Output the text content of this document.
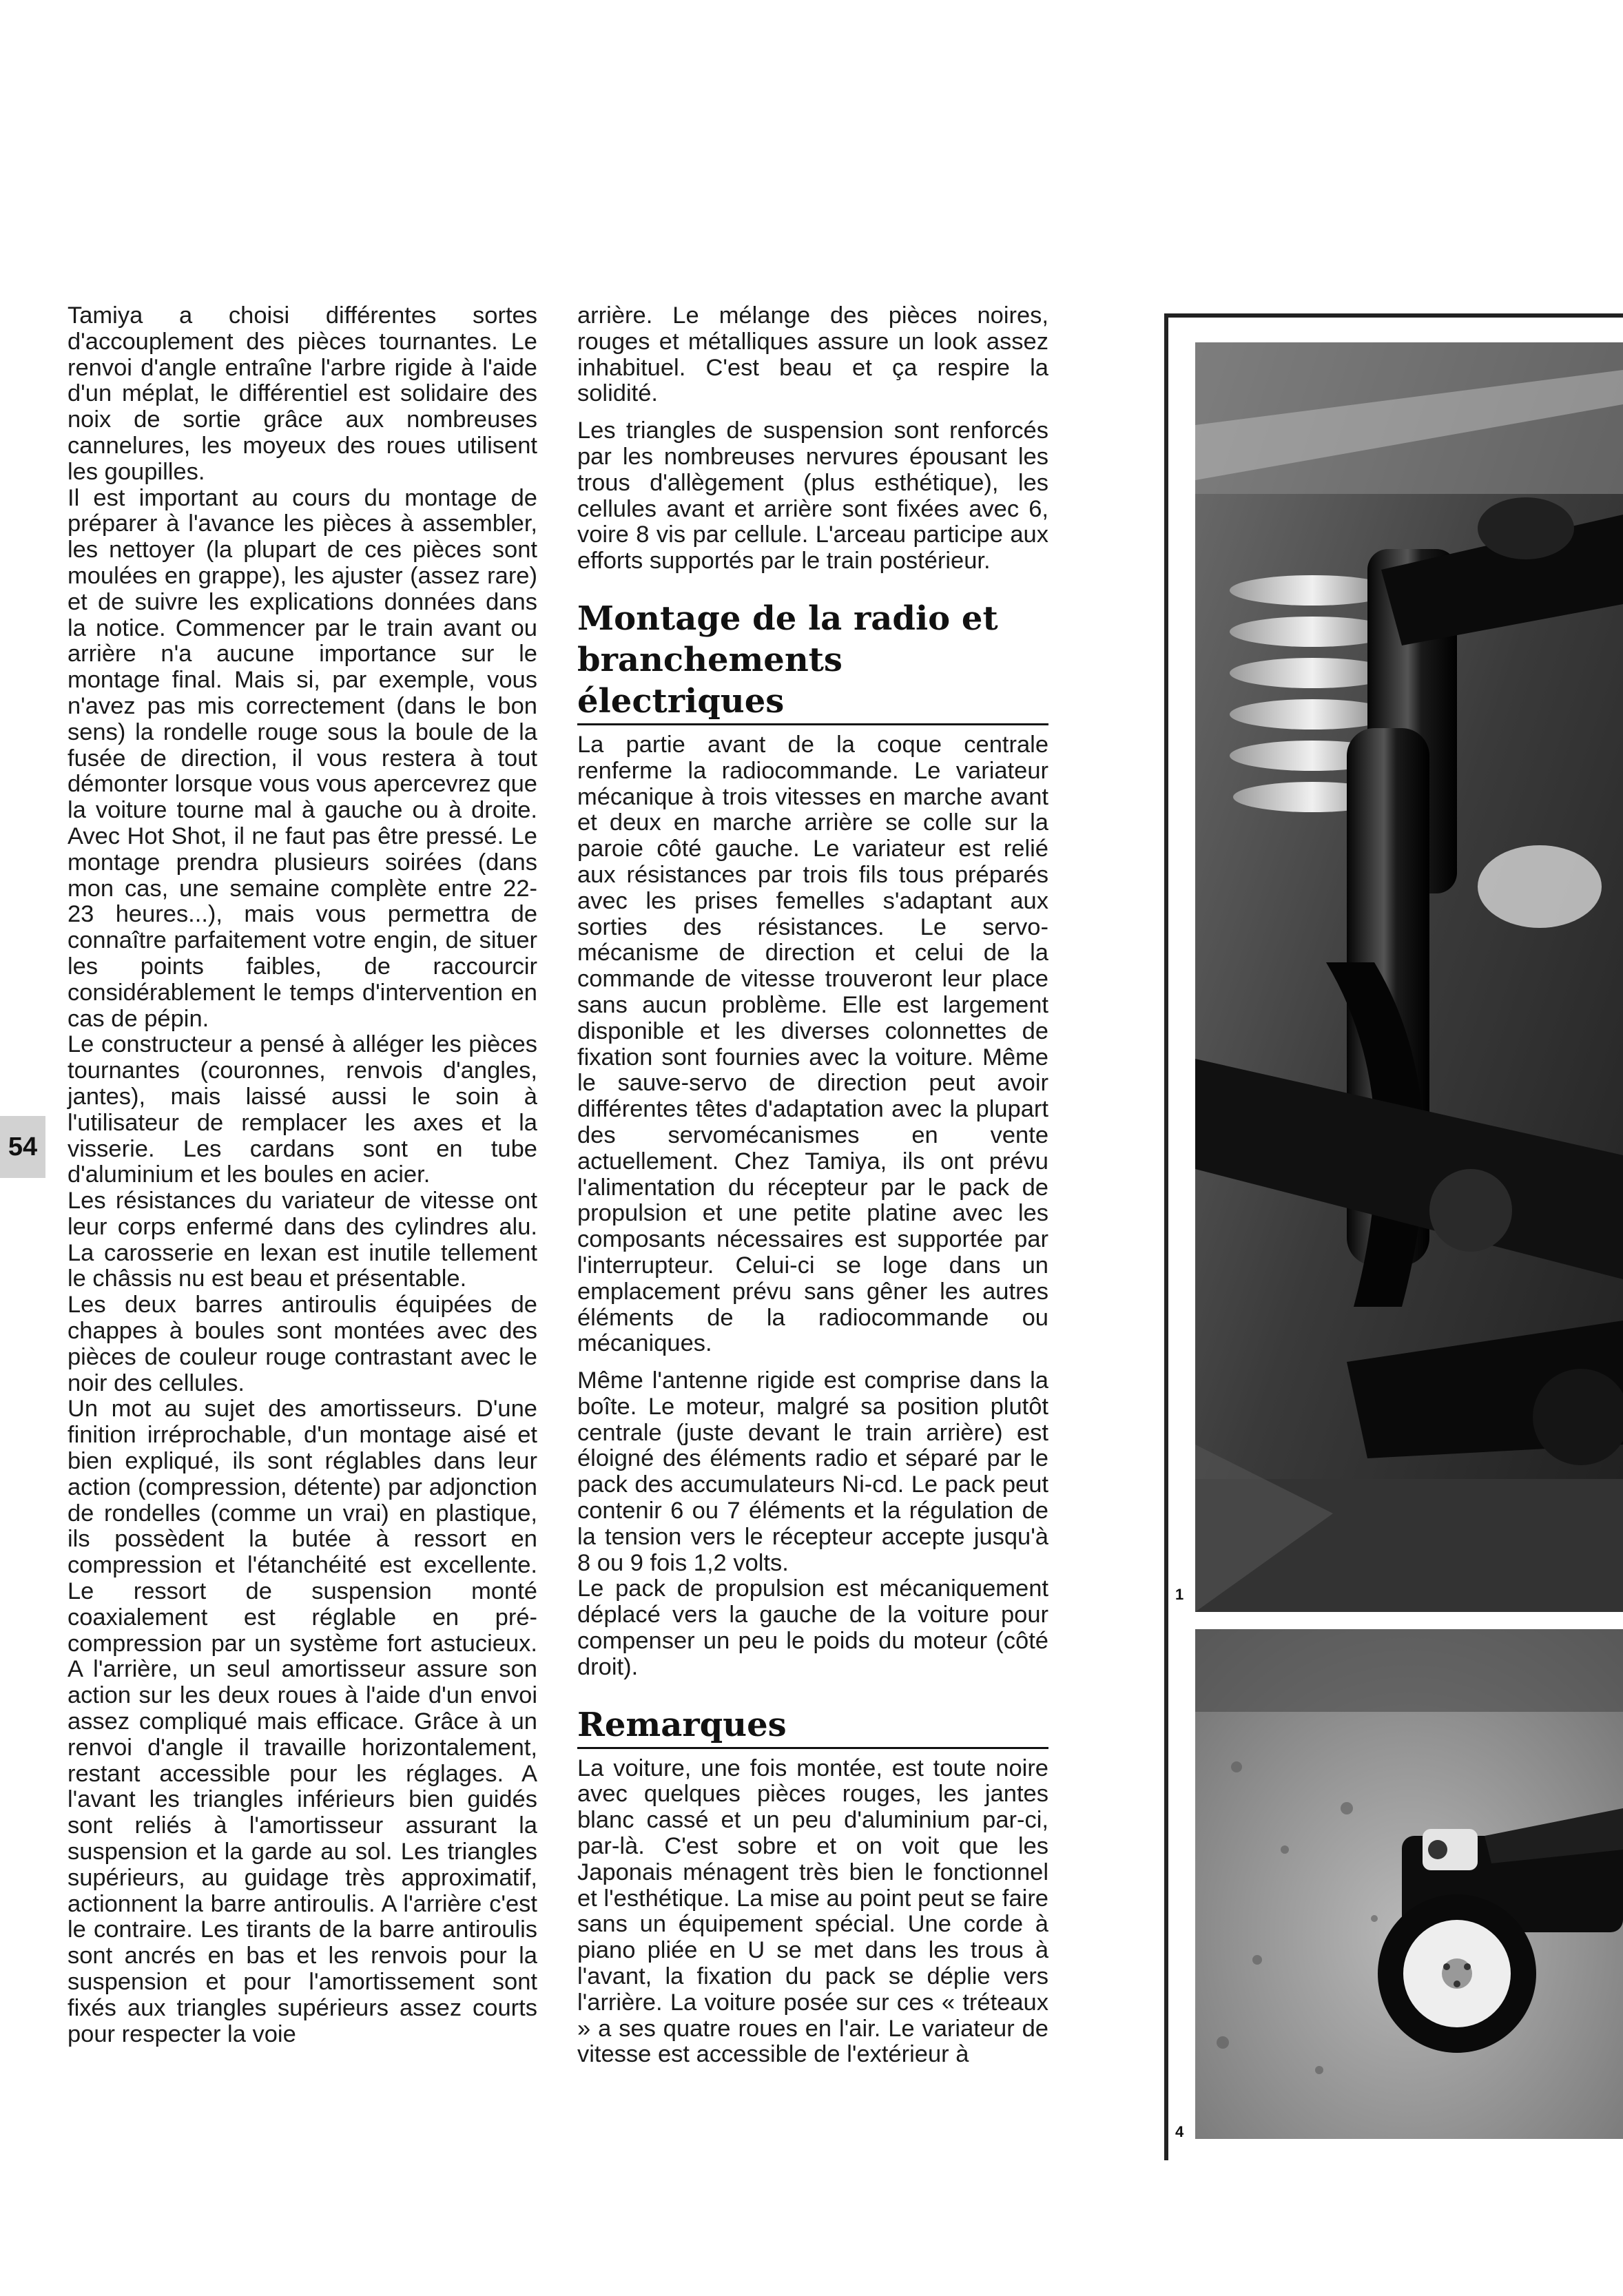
54

Tamiya a choisi différentes sortes d'accouplement des pièces tournantes. Le renvoi d'angle entraîne l'arbre rigide à l'aide d'un méplat, le différentiel est solidaire des noix de sortie grâce aux nombreuses cannelures, les moyeux des roues utilisent les goupilles.

Il est important au cours du montage de préparer à l'avance les pièces à assembler, les nettoyer (la plupart de ces pièces sont moulées en grappe), les ajuster (assez rare) et de suivre les explications données dans la notice. Commencer par le train avant ou arrière n'a aucune importance sur le montage final. Mais si, par exemple, vous n'avez pas mis correctement (dans le bon sens) la rondelle rouge sous la boule de la fusée de direction, il vous restera à tout démonter lorsque vous vous apercevrez que la voiture tourne mal à gauche ou à droite. Avec Hot Shot, il ne faut pas être pressé. Le montage prendra plusieurs soirées (dans mon cas, une semaine complète entre 22-23 heures...), mais vous permettra de connaître parfaitement votre engin, de situer les points faibles, de raccourcir considérablement le temps d'intervention en cas de pépin.

Le constructeur a pensé à alléger les pièces tournantes (couronnes, renvois d'angles, jantes), mais laissé aussi le soin à l'utilisateur de remplacer les axes et la visserie. Les cardans sont en tube d'aluminium et les boules en acier.

Les résistances du variateur de vitesse ont leur corps enfermé dans des cylindres alu. La carosserie en lexan est inutile tellement le châssis nu est beau et présentable.

Les deux barres antiroulis équipées de chappes à boules sont montées avec des pièces de couleur rouge contrastant avec le noir des cellules.

Un mot au sujet des amortisseurs. D'une finition irréprochable, d'un montage aisé et bien expliqué, ils sont réglables dans leur action (compression, détente) par adjonction de rondelles (comme un vrai) en plastique, ils possèdent la butée à ressort en compression et l'étanchéité est excellente. Le ressort de suspension monté coaxialement est réglable en pré-compression par un système fort astucieux. A l'arrière, un seul amortisseur assure son action sur les deux roues à l'aide d'un envoi assez compliqué mais efficace. Grâce à un renvoi d'angle il travaille horizontalement, restant accessible pour les réglages. A l'avant les triangles inférieurs bien guidés sont reliés à l'amortisseur assurant la suspension et la garde au sol. Les triangles supérieurs, au guidage très approximatif, actionnent la barre antiroulis. A l'arrière c'est le contraire. Les tirants de la barre antiroulis sont ancrés en bas et les renvois pour la suspension et pour l'amortissement sont fixés aux triangles supérieurs assez courts pour respecter la voie

arrière. Le mélange des pièces noires, rouges et métalliques assure un look assez inhabituel. C'est beau et ça respire la solidité.

Les triangles de suspension sont renforcés par les nombreuses nervures épousant les trous d'allègement (plus esthétique), les cellules avant et arrière sont fixées avec 6, voire 8 vis par cellule. L'arceau participe aux efforts supportés par le train postérieur.

Montage de la radio et branchements électriques

La partie avant de la coque centrale renferme la radiocommande. Le variateur mécanique à trois vitesses en marche avant et deux en marche arrière se colle sur la paroie côté gauche. Le variateur est relié aux résistances par trois fils tous préparés avec les prises femelles s'adaptant aux sorties des résistances. Le servo-mécanisme de direction et celui de la commande de vitesse trouveront leur place sans aucun problème. Elle est largement disponible et les diverses colonnettes de fixation sont fournies avec la voiture. Même le sauve-servo de direction peut avoir différentes têtes d'adaptation avec la plupart des servomécanismes en vente actuellement. Chez Tamiya, ils ont prévu l'alimentation du récepteur par le pack de propulsion et une petite platine avec les composants nécessaires est supportée par l'interrupteur. Celui-ci se loge dans un emplacement prévu sans gêner les autres éléments de la radiocommande ou mécaniques.

Même l'antenne rigide est comprise dans la boîte. Le moteur, malgré sa position plutôt centrale (juste devant le train arrière) est éloigné des éléments radio et séparé par le pack des accumulateurs Ni-cd. Le pack peut contenir 6 ou 7 éléments et la régulation de la tension vers le récepteur accepte jusqu'à 8 ou 9 fois 1,2 volts.

Le pack de propulsion est mécaniquement déplacé vers la gauche de la voiture pour compenser un peu le poids du moteur (côté droit).

Remarques

La voiture, une fois montée, est toute noire avec quelques pièces rouges, les jantes blanc cassé et un peu d'aluminium par-ci, par-là. C'est sobre et on voit que les Japonais ménagent très bien le fonctionnel et l'esthétique. La mise au point peut se faire sans un équipement spécial. Une corde à piano pliée en U se met dans les trous à l'avant, la fixation du pack se déplie vers l'arrière. La voiture posée sur ces « tréteaux » a ses quatre roues en l'air. Le variateur de vitesse est accessible de l'extérieur à

1
4
